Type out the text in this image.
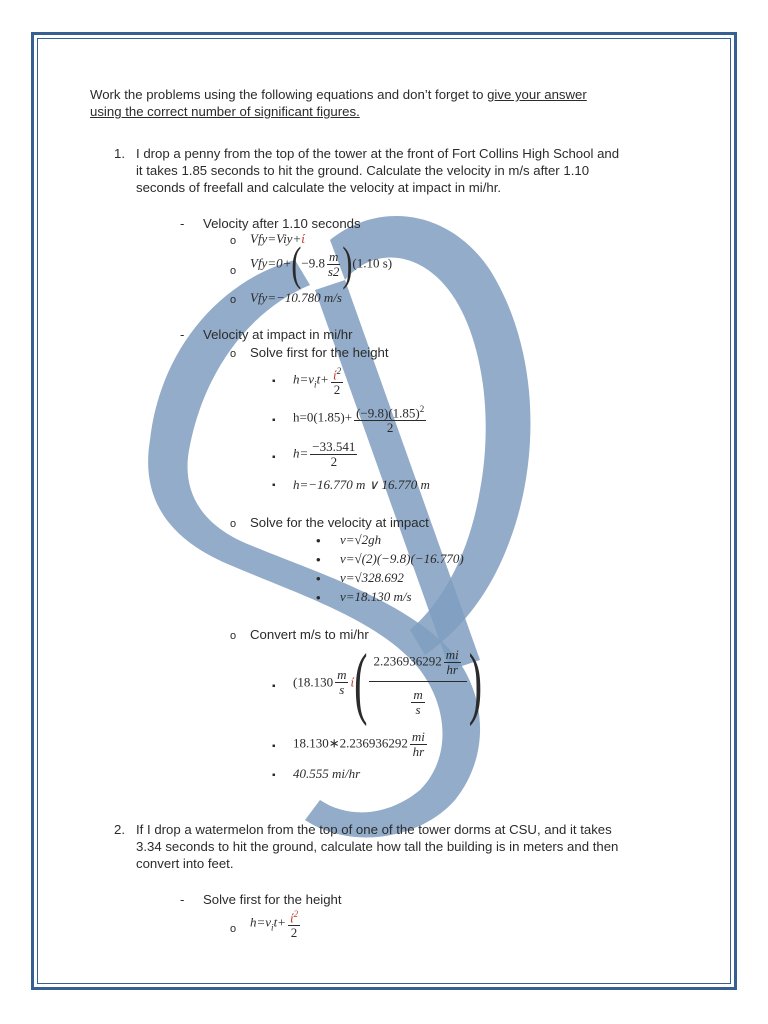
Work the problems using the following equations and don’t forget to give your answer
using the correct number of significant figures.
1. I drop a penny from the top of the tower at the front of Fort Collins High School and
it takes 1.85 seconds to hit the ground. Calculate the velocity in m/s after 1.10
seconds of freefall and calculate the velocity at impact in mi/hr.
- Velocity after 1.10 seconds
o Vfy=Viy+ί
o
$Vfy=0+(-9.8 \frac{m}{s2} )(1.10$ s)
o Vfy=−10.780 m/s
- Velocity at impact in mi/hr
o Solve first for the height
▪ $h=v_it+ \frac{ί^2}{2}$
▪ $h=0(1.85)+ \frac{(-9.8)(1.85)^2}{2}$
▪ $h= \frac{-33.541}{2}$
▪ h=−16.770 m ∨ 16.770 m
o Solve for the velocity at impact
• v=√2gh
• v=√(2)(−9.8)(−16.770)
• v=√328.692
• v=18.130 m/s
o Convert m/s to mi/hr
▪ ($18.130 \frac{m}{s} ί( \frac{2.236936292 \frac{mi}{hr}}{\frac{m}{s}}$ )
▪ 18.130∗2.236936292 $\frac{mi}{hr}$
▪ 40.555 mi/hr
2. If I drop a watermelon from the top of one of the tower dorms at CSU, and it takes
3.34 seconds to hit the ground, calculate how tall the building is in meters and then
convert into feet.
- Solve first for the height
o $h=v_it+ \frac{ί^2}{2}$
